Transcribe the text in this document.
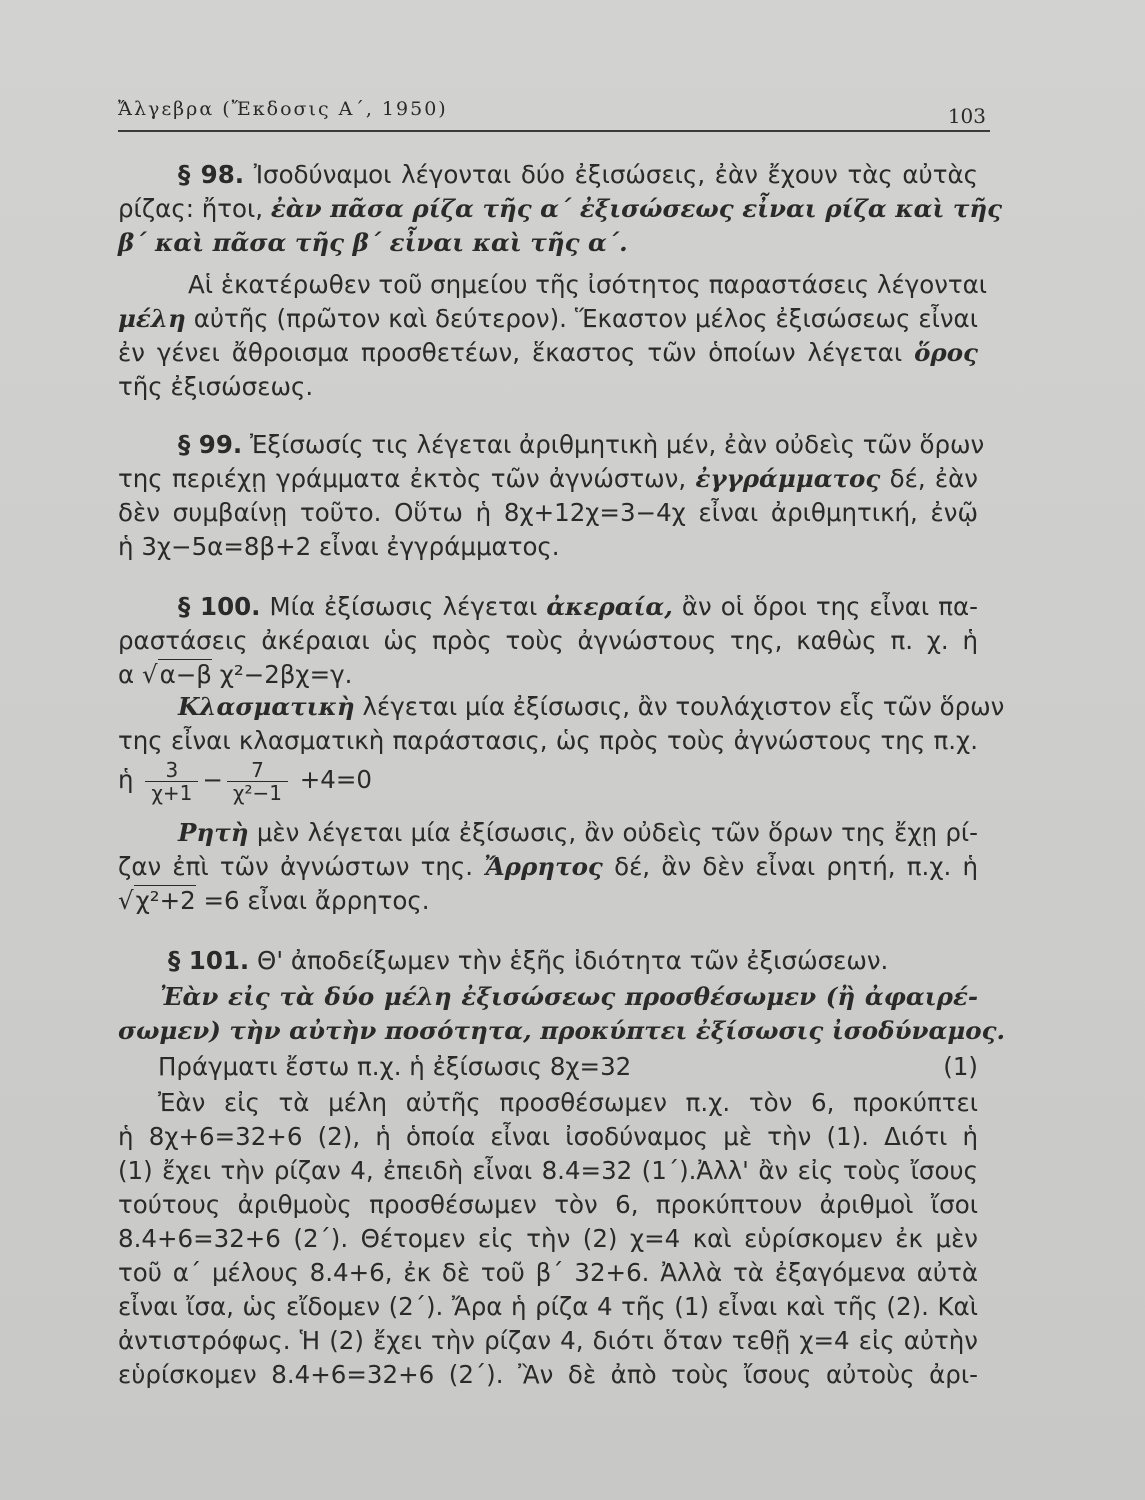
Ἄλγεβρα (Ἔκδοσις Α΄, 1950)	103
§ 98. Ἰσοδύναμοι λέγονται δύο ἐξισώσεις, ἐὰν ἔχουν τὰς αὐτὰς
ρίζας: ἤτοι, ἐὰν πᾶσα ρίζα τῆς α΄ ἐξισώσεως εἶναι ρίζα καὶ τῆς
β΄ καὶ πᾶσα τῆς β΄ εἶναι καὶ τῆς α΄.
Αἱ ἑκατέρωθεν τοῦ σημείου τῆς ἰσότητος παραστάσεις λέγονται
μέλη αὐτῆς (πρῶτον καὶ δεύτερον). Ἕκαστον μέλος ἐξισώσεως εἶναι
ἐν γένει ἄθροισμα προσθετέων, ἕκαστος τῶν ὁποίων λέγεται ὅρος
τῆς ἐξισώσεως.
§ 99. Ἐξίσωσίς τις λέγεται ἀριθμητικὴ μέν, ἐὰν οὐδεὶς τῶν ὅρων
της περιέχῃ γράμματα ἐκτὸς τῶν ἀγνώστων, ἐγγράμματος δέ, ἐὰν
δὲν συμβαίνῃ τοῦτο. Οὕτω ἡ 8χ+12χ=3−4χ εἶναι ἀριθμητική, ἐνῷ
ἡ 3χ−5α=8β+2 εἶναι ἐγγράμματος.
§ 100. Μία ἐξίσωσις λέγεται ἀκεραία, ἂν οἱ ὅροι της εἶναι πα-
ραστάσεις ἀκέραιαι ὡς πρὸς τοὺς ἀγνώστους της, καθὼς π. χ. ἡ
α √α−β χ²−2βχ=γ.
Κλασματικὴ λέγεται μία ἐξίσωσις, ἂν τουλάχιστον εἷς τῶν ὅρων
της εἶναι κλασματικὴ παράστασις, ὡς πρὸς τοὺς ἀγνώστους της π.χ.
ἡ $\frac{3}{\chi+1} - \frac{7}{\text{χ²−1}} +4=0$
Ρητὴ μὲν λέγεται μία ἐξίσωσις, ἂν οὐδεὶς τῶν ὅρων της ἔχῃ ρί-
ζαν ἐπὶ τῶν ἀγνώστων της. Ἄρρητος δέ, ἂν δὲν εἶναι ρητή, π.χ. ἡ
√χ²+2 =6 εἶναι ἄρρητος.
§ 101. Θ' ἀποδείξωμεν τὴν ἑξῆς ἰδιότητα τῶν ἐξισώσεων.
Ἐὰν εἰς τὰ δύο μέλη ἐξισώσεως προσθέσωμεν (ἢ ἀφαιρέ-
σωμεν) τὴν αὐτὴν ποσότητα, προκύπτει ἐξίσωσις ἰσοδύναμος.
Πράγματι ἔστω π.χ. ἡ ἐξίσωσις 8χ=32	(1)
Ἐὰν εἰς τὰ μέλη αὐτῆς προσθέσωμεν π.χ. τὸν 6, προκύπτει
ἡ 8χ+6=32+6 (2), ἡ ὁποία εἶναι ἰσοδύναμος μὲ τὴν (1). Διότι ἡ
(1) ἔχει τὴν ρίζαν 4, ἐπειδὴ εἶναι 8.4=32 (1΄).Ἀλλ' ἂν εἰς τοὺς ἴσους
τούτους ἀριθμοὺς προσθέσωμεν τὸν 6, προκύπτουν ἀριθμοὶ ἴσοι
8.4+6=32+6 (2΄). Θέτομεν εἰς τὴν (2) χ=4 καὶ εὑρίσκομεν ἐκ μὲν
τοῦ α΄ μέλους 8.4+6, ἐκ δὲ τοῦ β΄ 32+6. Ἀλλὰ τὰ ἐξαγόμενα αὐτὰ
εἶναι ἴσα, ὡς εἴδομεν (2΄). Ἄρα ἡ ρίζα 4 τῆς (1) εἶναι καὶ τῆς (2). Καὶ
ἀντιστρόφως. Ἡ (2) ἔχει τὴν ρίζαν 4, διότι ὅταν τεθῇ χ=4 εἰς αὐτὴν
εὑρίσκομεν 8.4+6=32+6 (2΄). Ἂν δὲ ἀπὸ τοὺς ἴσους αὐτοὺς ἀρι-
